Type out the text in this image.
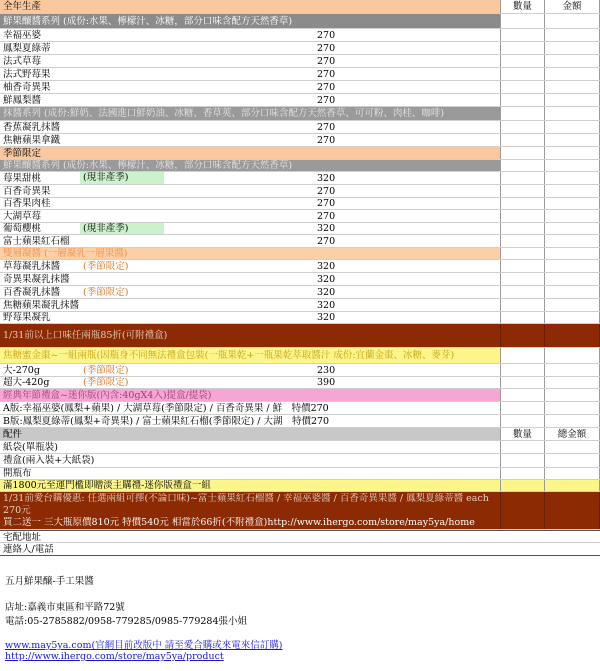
全年生產	數量	金額
鮮果釀醬系列 (成份:水果、檸檬汁、冰糖，部分口味含配方天然香草)
幸福巫婆	270
鳳梨夏綠蒂	270
法式草莓	270
法式野莓果	270
柚香奇異果	270
鮮鳳梨醬	270
抹醬系列 (成份:鮮奶、法國進口鮮奶油、冰糖、香草莢、部分口味含配方天然香草、可可粉、肉桂、咖啡)
香蕉凝乳抹醬	270
焦糖蘋果拿鐵	270
季節限定
鮮果釀醬系列 (成份:水果、檸檬汁、冰糖，部分口味含配方天然香草)
莓果甜桃	(現非產季)	320
百香奇異果	270
百香果肉桂	270
大湖草莓	270
葡萄櫻桃	(現非產季)	320
富士蘋果紅石榴	270
雙層凝醬 (一層凝乳一層果醬)
草莓凝乳抹醬	(季節限定)	320
奇異果凝乳抹醬	320
百香凝乳抹醬	(季節限定)	320
焦糖蘋果凝乳抹醬	320
野莓果凝乳	320
1/31前以上口味任兩瓶85折(可附禮盒)
焦糖蜜金棗~一組兩瓶(因瓶身不同無法禮盒包裝(一瓶果乾+一瓶果乾萃取醬汁 成份:宜蘭金棗、冰糖、麥芽)
大-270g	(季節限定)	230
超大-420g	(季節限定)	390
經典年節禮盒~迷你版(內含:40gX4入)提盒/提袋)
A版:幸福巫婆(鳳梨+蘋果) / 大湖草莓(季節限定) / 百香奇異果 / 鮮　特價270
B版:鳳梨夏綠蒂(鳳梨+奇異果) / 富士蘋果紅石榴(季節限定) / 大湖　特價270
配件	數量	總金額
紙袋(單瓶裝)
禮盒(兩入裝+大紙袋)
開瓶布
滿1800元至運門檻即贈淡主購禮-迷你版禮盒一組
1/31前愛台購優惠: 任選兩組可擇(不論口味)~富士蘋果紅石榴醬 / 幸福巫婆醬 / 百香奇異果醬 / 鳳梨夏綠蒂醬 each
270元
買二送一 三大瓶原價810元 特價540元 相當於66折(不附禮盒)http://www.ihergo.com/store/may5ya/home
宅配地址
連絡人/電話
五月鮮果醸-手工果醬
店址:嘉義市東區和平路72號
電話:05-2785882/0958-779285/0985-779284張小姐
www.may5ya.com(官網目前改版中 請至愛合購或來電來信訂購)
http://www.ihergo.com/store/may5ya/product
